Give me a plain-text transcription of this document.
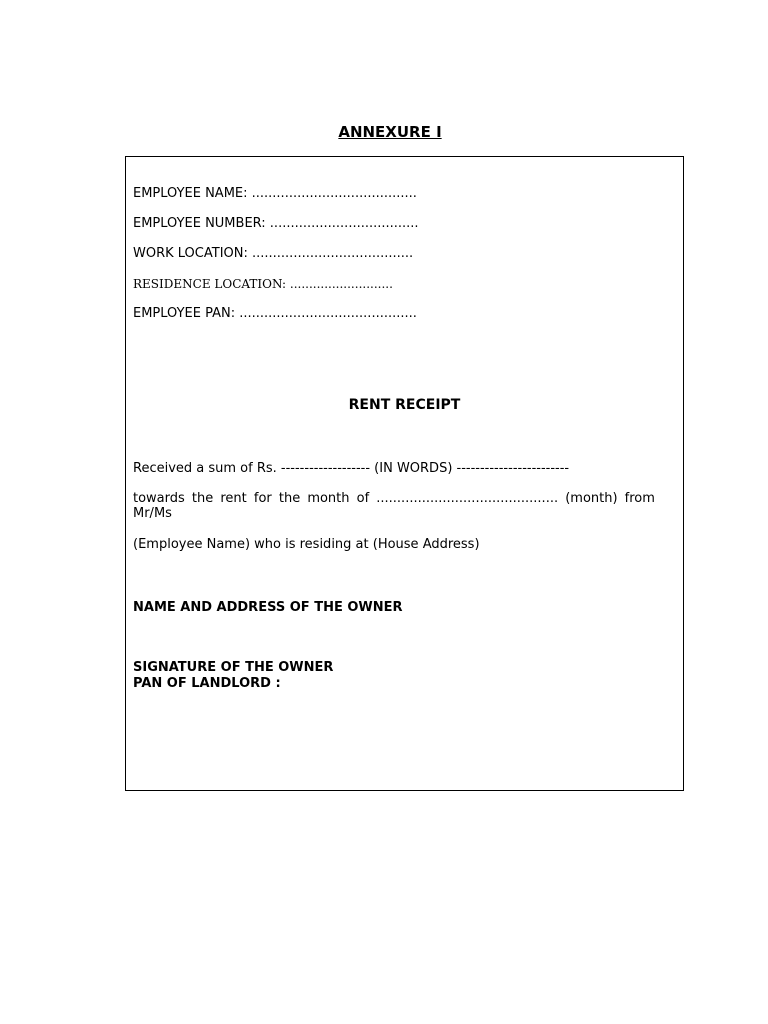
ANNEXURE I
EMPLOYEE NAME: ........................................
EMPLOYEE NUMBER: ....................................
WORK LOCATION: .......................................
RESIDENCE LOCATION: ...........................
EMPLOYEE PAN: ...........................................
RENT RECEIPT
Received a sum of Rs. ------------------- (IN WORDS) ------------------------
towards the rent for the month of ............................................ (month) from
Mr/Ms
(Employee Name) who is residing at (House Address)
NAME AND ADDRESS OF THE OWNER
SIGNATURE OF THE OWNER
PAN OF LANDLORD :
